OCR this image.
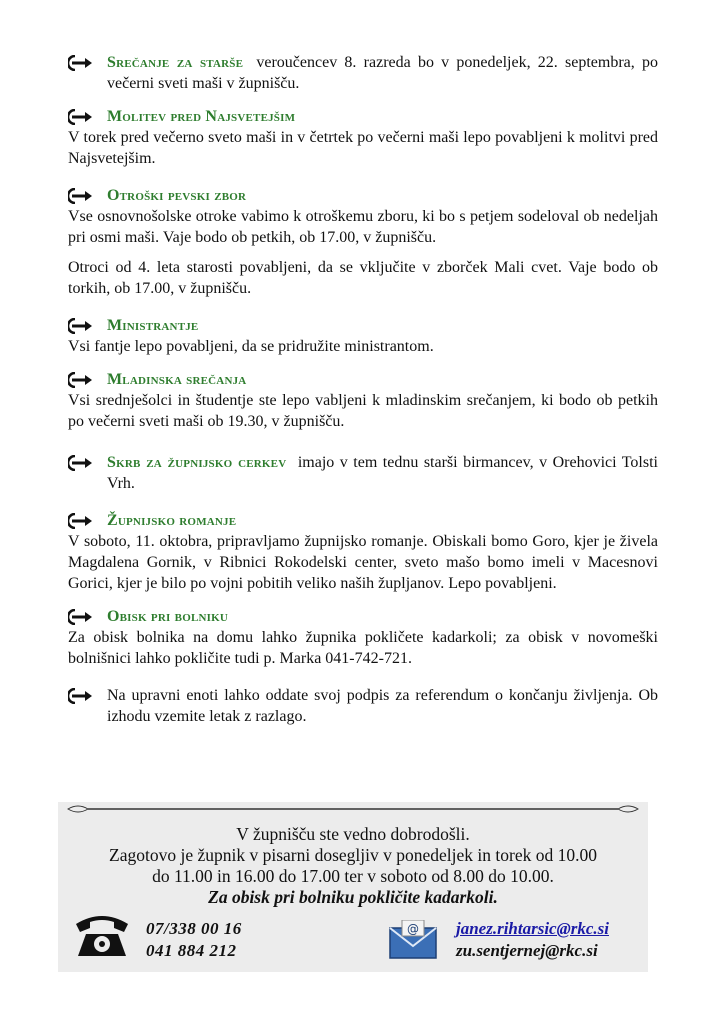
Srečanje za starše veroučencev 8. razreda bo v ponedeljek, 22. septembra, po večerni sveti maši v župnišču.

Molitev pred Najsvetejšim

V torek pred večerno sveto maši in v četrtek po večerni maši lepo povabljeni k molitvi pred Najsvetejšim.

Otroški pevski zbor

Vse osnovnošolske otroke vabimo k otroškemu zboru, ki bo s petjem sodeloval ob nedeljah pri osmi maši. Vaje bodo ob petkih, ob 17.00, v župnišču.

Otroci od 4. leta starosti povabljeni, da se vključite v zborček Mali cvet. Vaje bodo ob torkih, ob 17.00, v župnišču.

Ministrantje

Vsi fantje lepo povabljeni, da se pridružite ministrantom.

Mladinska srečanja

Vsi srednješolci in študentje ste lepo vabljeni k mladinskim srečanjem, ki bodo ob petkih po večerni sveti maši ob 19.30, v župnišču.

Skrb za župnijsko cerkev imajo v tem tednu starši birmancev, v Orehovici Tolsti Vrh.

Župnijsko romanje

V soboto, 11. oktobra, pripravljamo župnijsko romanje. Obiskali bomo Goro, kjer je živela Magdalena Gornik, v Ribnici Rokodelski center, sveto mašo bomo imeli v Macesnovi Gorici, kjer je bilo po vojni pobitih veliko naših župljanov. Lepo povabljeni.

Obisk pri bolniku

Za obisk bolnika na domu lahko župnika pokličete kadarkoli; za obisk v novomeški bolnišnici lahko pokličite tudi p. Marka 041-742-721.

Na upravni enoti lahko oddate svoj podpis za referendum o končanju življenja. Ob izhodu vzemite letak z razlago.

V župnišču ste vedno dobrodošli.
Zagotovo je župnik v pisarni dosegljiv v ponedeljek in torek od 10.00
do 11.00 in 16.00 do 17.00 ter v soboto od 8.00 do 10.00.
Za obisk pri bolniku pokličite kadarkoli.
07/338 00 16
041 884 212
@ janez.rihtarsic@rkc.si
zu.sentjernej@rkc.si
